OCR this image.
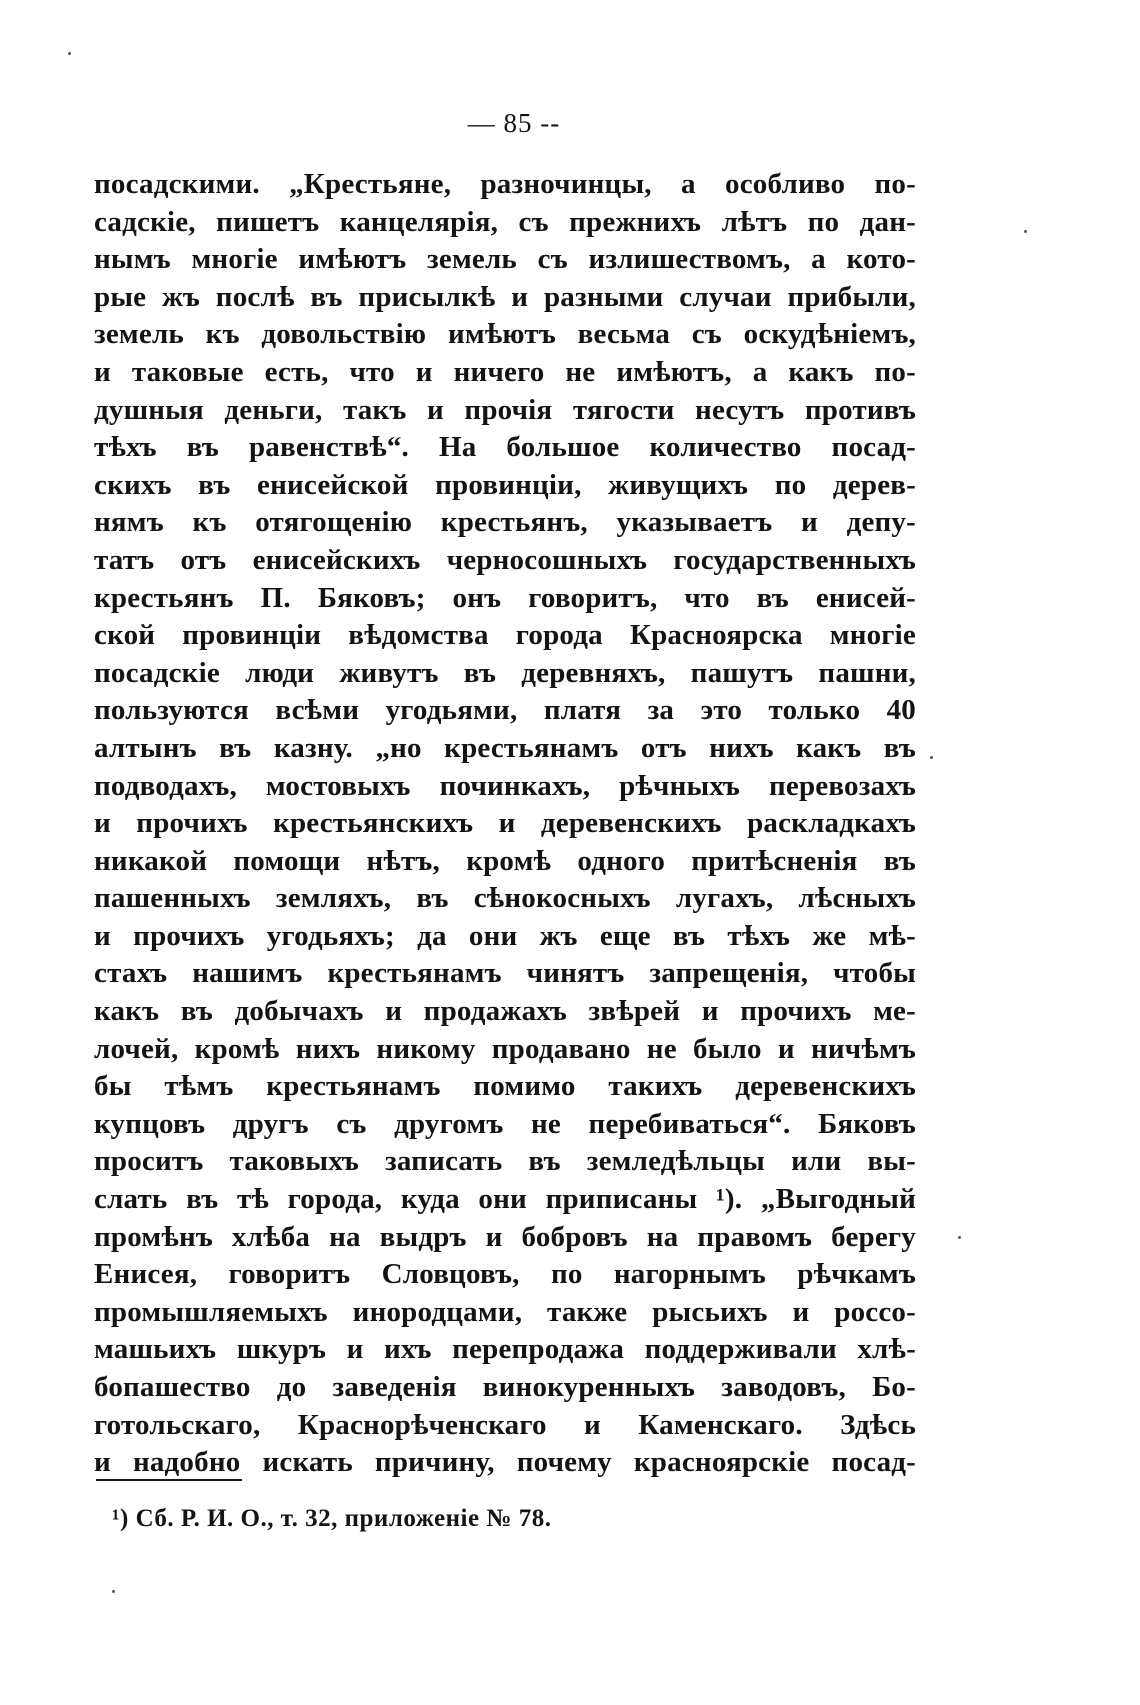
— 85 --
посадскими. „Крестьяне, разночинцы, а особливо по-
садскiе, пишетъ канцелярiя, съ прежнихъ лѣтъ по дан-
нымъ многiе имѣютъ земель съ излишествомъ, а кото-
рые жъ послѣ въ присылкѣ и разными случаи прибыли,
земель къ довольствiю имѣютъ весьма съ оскудѣнiемъ,
и таковые есть, что и ничего не имѣютъ, а какъ по-
душныя деньги, такъ и прочiя тягости несутъ противъ
тѣхъ въ равенствѣ“. На большое количество посад-
скихъ въ енисейской провинцiи, живущихъ по дерев-
нямъ къ отягощенiю крестьянъ, указываетъ и депу-
татъ отъ енисейскихъ черносошныхъ государственныхъ
крестьянъ П. Бяковъ; онъ говоритъ, что въ енисей-
ской провинцiи вѣдомства города Красноярска многiе
посадскiе люди живутъ въ деревняхъ, пашутъ пашни,
пользуются всѣми угодьями, платя за это только 40
алтынъ въ казну. „но крестьянамъ отъ нихъ какъ въ
подводахъ, мостовыхъ починкахъ, рѣчныхъ перевозахъ
и прочихъ крестьянскихъ и деревенскихъ раскладкахъ
никакой помощи нѣтъ, кромѣ одного притѣсненiя въ
пашенныхъ земляхъ, въ сѣнокосныхъ лугахъ, лѣсныхъ
и прочихъ угодьяхъ; да они жъ еще въ тѣхъ же мѣ-
стахъ нашимъ крестьянамъ чинятъ запрещенiя, чтобы
какъ въ добычахъ и продажахъ звѣрей и прочихъ ме-
лочей, кромѣ нихъ никому продавано не было и ничѣмъ
бы тѣмъ крестьянамъ помимо такихъ деревенскихъ
купцовъ другъ съ другомъ не перебиваться“. Бяковъ
проситъ таковыхъ записать въ земледѣльцы или вы-
слать въ тѣ города, куда они приписаны ¹). „Выгодный
промѣнъ хлѣба на выдръ и бобровъ на правомъ берегу
Енисея, говоритъ Словцовъ, по нагорнымъ рѣчкамъ
промышляемыхъ инородцами, также рысьихъ и россо-
машьихъ шкуръ и ихъ перепродажа поддерживали хлѣ-
бопашество до заведенiя винокуренныхъ заводовъ, Бо-
готольскаго, Краснорѣченскаго и Каменскаго. Здѣсь
и надобно искать причину, почему красноярскiе посад-
¹) Сб. Р. И. О., т. 32, приложенiе № 78.
